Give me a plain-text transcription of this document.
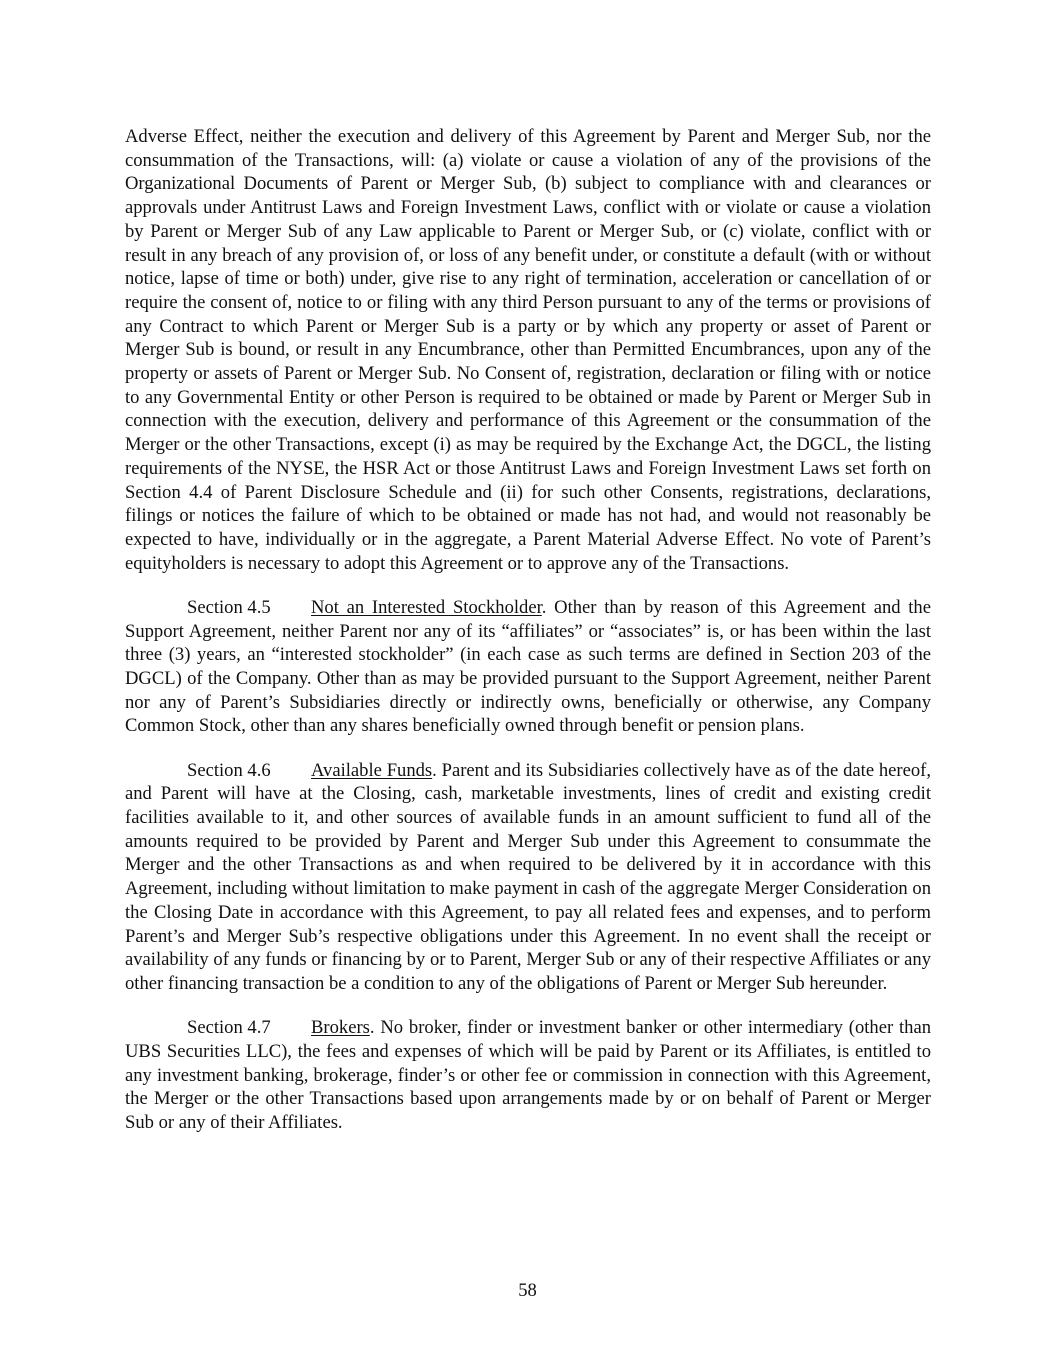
Adverse Effect, neither the execution and delivery of this Agreement by Parent and Merger Sub, nor the consummation of the Transactions, will: (a) violate or cause a violation of any of the provisions of the Organizational Documents of Parent or Merger Sub, (b) subject to compliance with and clearances or approvals under Antitrust Laws and Foreign Investment Laws, conflict with or violate or cause a violation by Parent or Merger Sub of any Law applicable to Parent or Merger Sub, or (c) violate, conflict with or result in any breach of any provision of, or loss of any benefit under, or constitute a default (with or without notice, lapse of time or both) under, give rise to any right of termination, acceleration or cancellation of or require the consent of, notice to or filing with any third Person pursuant to any of the terms or provisions of any Contract to which Parent or Merger Sub is a party or by which any property or asset of Parent or Merger Sub is bound, or result in any Encumbrance, other than Permitted Encumbrances, upon any of the property or assets of Parent or Merger Sub. No Consent of, registration, declaration or filing with or notice to any Governmental Entity or other Person is required to be obtained or made by Parent or Merger Sub in connection with the execution, delivery and performance of this Agreement or the consummation of the Merger or the other Transactions, except (i) as may be required by the Exchange Act, the DGCL, the listing requirements of the NYSE, the HSR Act or those Antitrust Laws and Foreign Investment Laws set forth on Section 4.4 of Parent Disclosure Schedule and (ii) for such other Consents, registrations, declarations, filings or notices the failure of which to be obtained or made has not had, and would not reasonably be expected to have, individually or in the aggregate, a Parent Material Adverse Effect. No vote of Parent’s equityholders is necessary to adopt this Agreement or to approve any of the Transactions.

Section 4.5 Not an Interested Stockholder. Other than by reason of this Agreement and the Support Agreement, neither Parent nor any of its “affiliates” or “associates” is, or has been within the last three (3) years, an “interested stockholder” (in each case as such terms are defined in Section 203 of the DGCL) of the Company. Other than as may be provided pursuant to the Support Agreement, neither Parent nor any of Parent’s Subsidiaries directly or indirectly owns, beneficially or otherwise, any Company Common Stock, other than any shares beneficially owned through benefit or pension plans.

Section 4.6 Available Funds. Parent and its Subsidiaries collectively have as of the date hereof, and Parent will have at the Closing, cash, marketable investments, lines of credit and existing credit facilities available to it, and other sources of available funds in an amount sufficient to fund all of the amounts required to be provided by Parent and Merger Sub under this Agreement to consummate the Merger and the other Transactions as and when required to be delivered by it in accordance with this Agreement, including without limitation to make payment in cash of the aggregate Merger Consideration on the Closing Date in accordance with this Agreement, to pay all related fees and expenses, and to perform Parent’s and Merger Sub’s respective obligations under this Agreement. In no event shall the receipt or availability of any funds or financing by or to Parent, Merger Sub or any of their respective Affiliates or any other financing transaction be a condition to any of the obligations of Parent or Merger Sub hereunder.

Section 4.7 Brokers. No broker, finder or investment banker or other intermediary (other than UBS Securities LLC), the fees and expenses of which will be paid by Parent or its Affiliates, is entitled to any investment banking, brokerage, finder’s or other fee or commission in connection with this Agreement, the Merger or the other Transactions based upon arrangements made by or on behalf of Parent or Merger Sub or any of their Affiliates.

58
